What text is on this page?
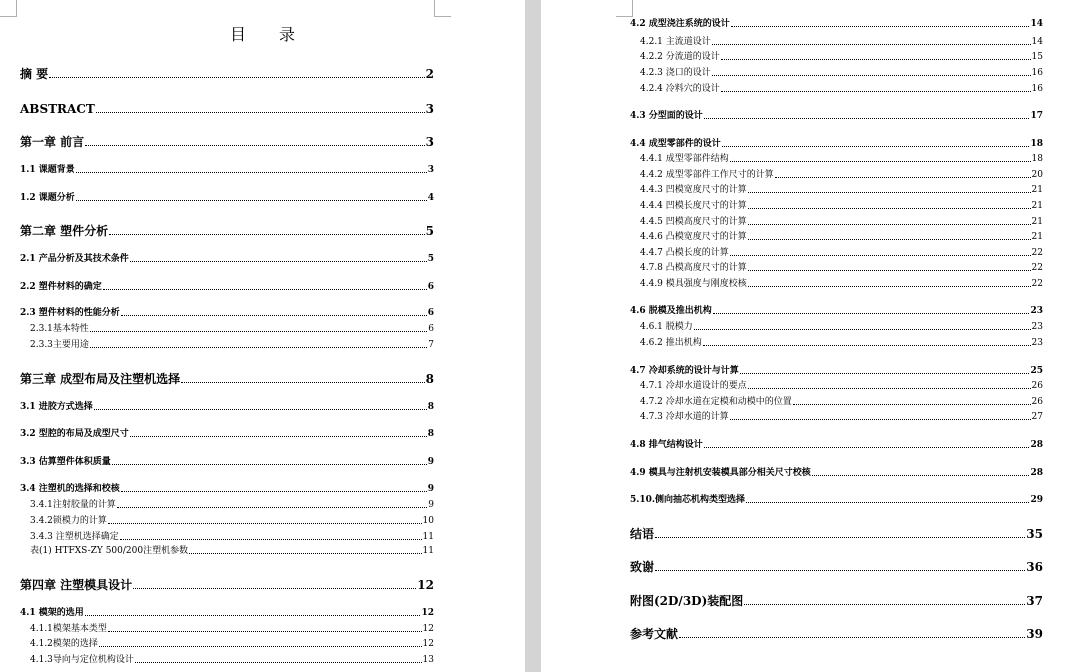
目 录
摘 要	2
ABSTRACT	3
第一章 前言	3
1.1 课题背景	3
1.2 课题分析	4
第二章 塑件分析	5
2.1 产品分析及其技术条件	5
2.2 塑件材料的确定	6
2.3 塑件材料的性能分析	6
2.3.1基本特性	6
2.3.3主要用途	7
第三章 成型布局及注塑机选择	8
3.1 进胶方式选择	8
3.2 型腔的布局及成型尺寸	8
3.3 估算塑件体积质量	9
3.4 注塑机的选择和校核	9
3.4.1注射胶量的计算	9
3.4.2锁模力的计算	10
3.4.3 注塑机选择确定	11
表(1) HTFXS-ZY 500/200注塑机参数	11
第四章 注塑模具设计	12
4.1 模架的选用	12
4.1.1模架基本类型	12
4.1.2模架的选择	12
4.1.3导向与定位机构设计	13
4.2 成型浇注系统的设计	14
4.2.1 主流道设计	14
4.2.2 分流道的设计	15
4.2.3 浇口的设计	16
4.2.4 冷料穴的设计	16
4.3 分型面的设计	17
4.4 成型零部件的设计	18
4.4.1 成型零部件结构	18
4.4.2 成型零部件工作尺寸的计算	20
4.4.3 凹模宽度尺寸的计算	21
4.4.4 凹模长度尺寸的计算	21
4.4.5 凹模高度尺寸的计算	21
4.4.6 凸模宽度尺寸的计算	21
4.4.7 凸模长度的计算	22
4.7.8 凸模高度尺寸的计算	22
4.4.9 模具强度与刚度校核	22
4.6 脱模及推出机构	23
4.6.1 脱模力	23
4.6.2 推出机构	23
4.7 冷却系统的设计与计算	25
4.7.1 冷却水道设计的要点	26
4.7.2 冷却水道在定模和动模中的位置	26
4.7.3 冷却水道的计算	27
4.8 排气结构设计	28
4.9 模具与注射机安装模具部分相关尺寸校核	28
5.10.侧向抽芯机构类型选择	29
结语	35
致谢	36
附图(2D/3D)装配图	37
参考文献	39
